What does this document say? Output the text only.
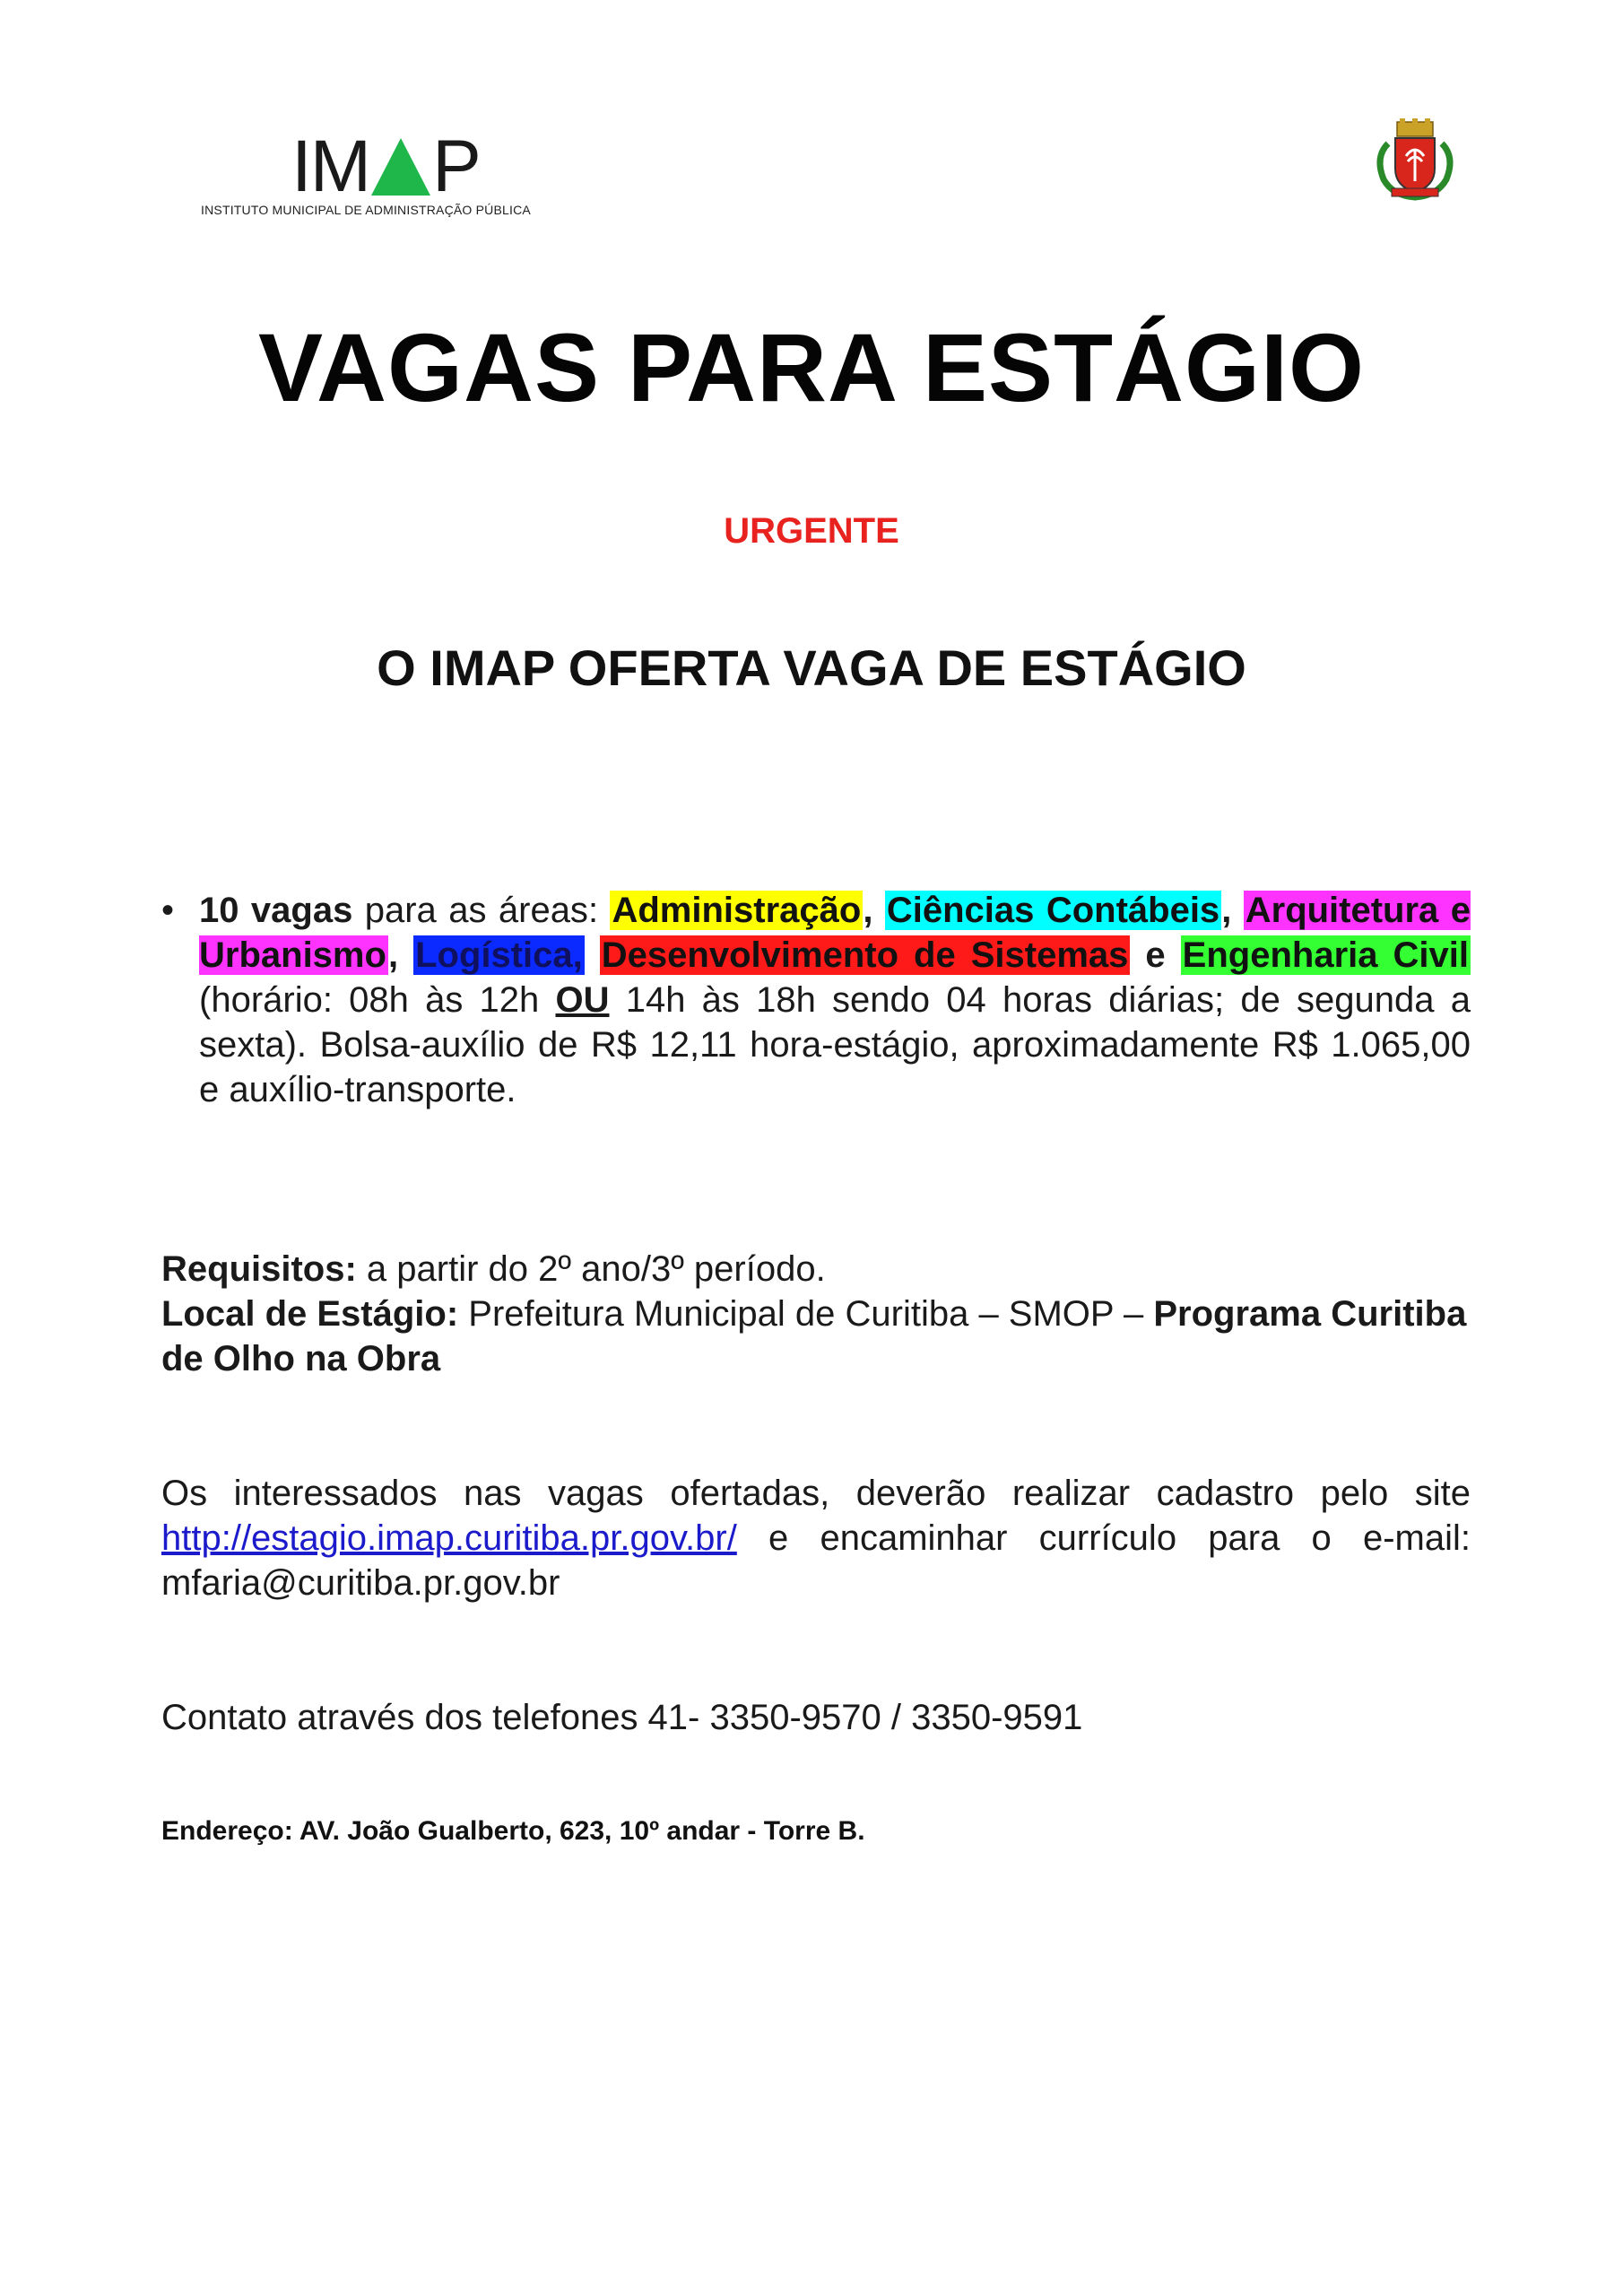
IM P
INSTITUTO MUNICIPAL DE ADMINISTRAÇÃO PÚBLICA
VAGAS PARA ESTÁGIO
URGENTE
O IMAP OFERTA VAGA DE ESTÁGIO
• 10 vagas para as áreas: Administração, Ciências Contábeis, Arquitetura e Urbanismo, Logística, Desenvolvimento de Sistemas e Engenharia Civil (horário: 08h às 12h OU 14h às 18h sendo 04 horas diárias; de segunda a sexta). Bolsa-auxílio de R$ 12,11 hora-estágio, aproximadamente R$ 1.065,00 e auxílio-transporte.
Requisitos: a partir do 2º ano/3º período.
Local de Estágio: Prefeitura Municipal de Curitiba – SMOP – Programa Curitiba de Olho na Obra
Os interessados nas vagas ofertadas, deverão realizar cadastro pelo site http://estagio.imap.curitiba.pr.gov.br/ e encaminhar currículo para o e-mail: mfaria@curitiba.pr.gov.br
Contato através dos telefones 41- 3350-9570 / 3350-9591
Endereço: AV. João Gualberto, 623, 10º andar - Torre B.
